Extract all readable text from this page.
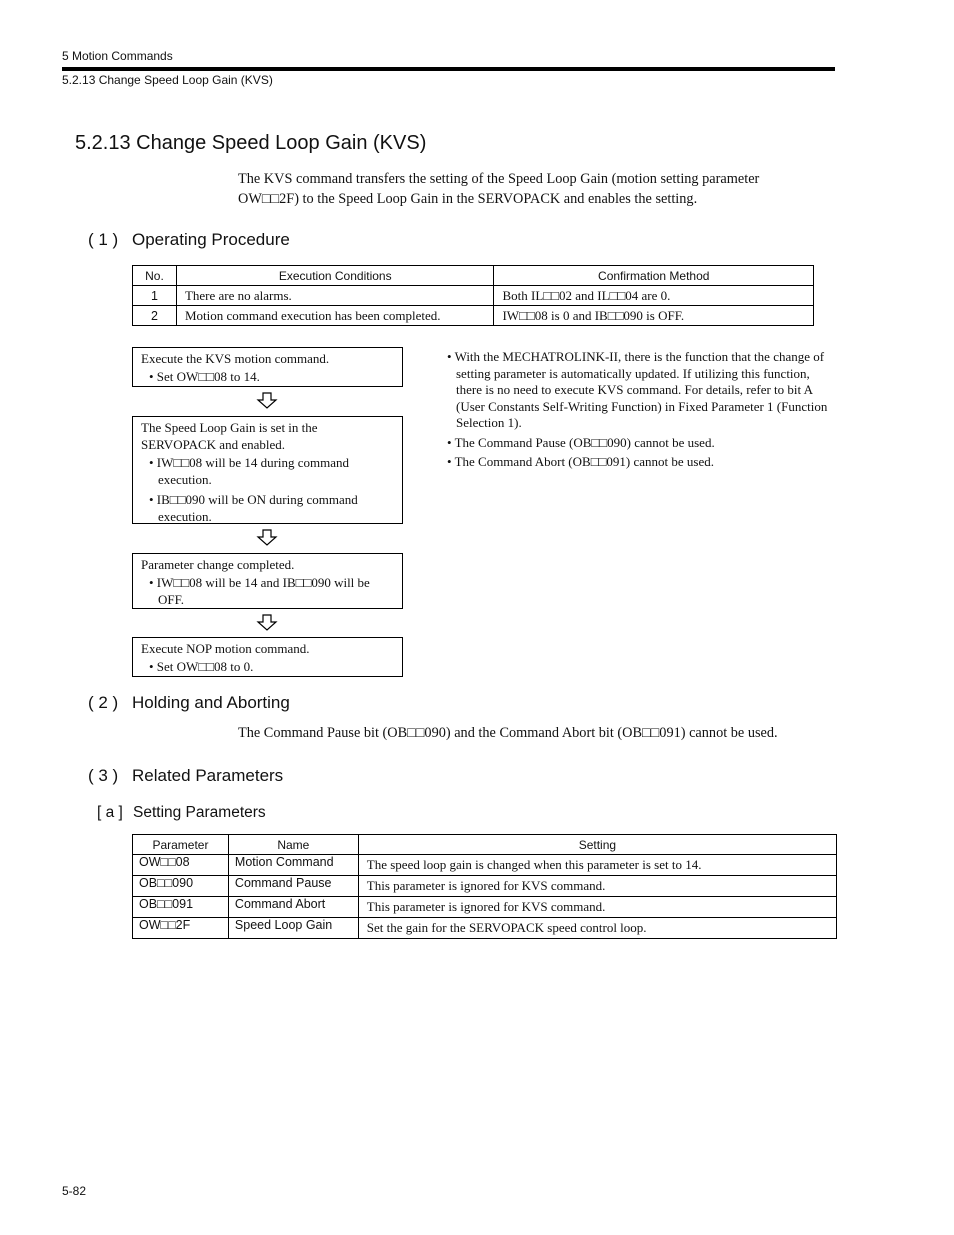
5 Motion Commands
5.2.13 Change Speed Loop Gain (KVS)
5.2.13 Change Speed Loop Gain (KVS)
The KVS command transfers the setting of the Speed Loop Gain (motion setting parameter
OW□□2F) to the Speed Loop Gain in the SERVOPACK and enables the setting.
( 1 ) Operating Procedure
No.	Execution Conditions	Confirmation Method
1	There are no alarms.	Both IL□□02 and IL□□04 are 0.
2	Motion command execution has been completed.	IW□□08 is 0 and IB□□090 is OFF.
Execute the KVS motion command.
• Set OW□□08 to 14.
The Speed Loop Gain is set in the SERVOPACK and enabled.
• IW□□08 will be 14 during command execution.
• IB□□090 will be ON during command execution.
Parameter change completed.
• IW□□08 will be 14 and IB□□090 will be OFF.
Execute NOP motion command.
• Set OW□□08 to 0.
• With the MECHATROLINK-II, there is the function that the change of setting parameter is automatically updated. If utilizing this function, there is no need to execute KVS command. For details, refer to bit A (User Constants Self-Writing Function) in Fixed Parameter 1 (Function Selection 1).
• The Command Pause (OB□□090) cannot be used.
• The Command Abort (OB□□091) cannot be used.
( 2 ) Holding and Aborting
The Command Pause bit (OB□□090) and the Command Abort bit (OB□□091) cannot be used.
( 3 ) Related Parameters
[ a ] Setting Parameters
Parameter	Name	Setting
OW□□08	Motion Command	The speed loop gain is changed when this parameter is set to 14.
OB□□090	Command Pause	This parameter is ignored for KVS command.
OB□□091	Command Abort	This parameter is ignored for KVS command.
OW□□2F	Speed Loop Gain	Set the gain for the SERVOPACK speed control loop.
5-82
